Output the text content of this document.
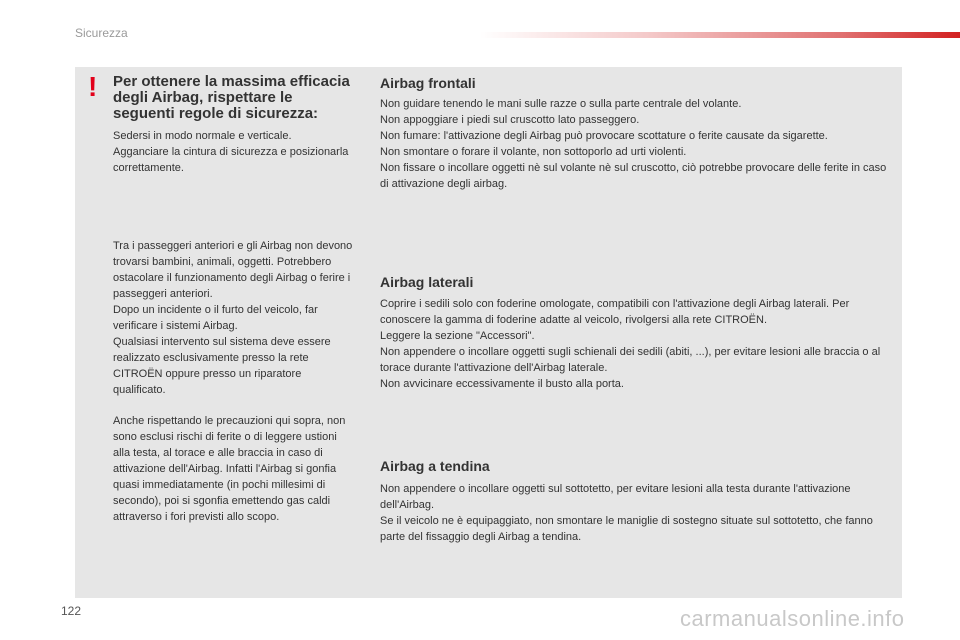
Sicurezza
! Per ottenere la massima efficacia degli Airbag, rispettare le seguenti regole di sicurezza:

Sedersi in modo normale e verticale.
Agganciare la cintura di sicurezza e posizionarla correttamente.

Tra i passeggeri anteriori e gli Airbag non devono trovarsi bambini, animali, oggetti. Potrebbero ostacolare il funzionamento degli Airbag o ferire i passeggeri anteriori.
Dopo un incidente o il furto del veicolo, far verificare i sistemi Airbag.
Qualsiasi intervento sul sistema deve essere realizzato esclusivamente presso la rete CITROËN oppure presso un riparatore qualificato.

Anche rispettando le precauzioni qui sopra, non sono esclusi rischi di ferite o di leggere ustioni alla testa, al torace e alle braccia in caso di attivazione dell'Airbag. Infatti l'Airbag si gonfia quasi immediatamente (in pochi millesimi di secondo), poi si sgonfia emettendo gas caldi attraverso i fori previsti allo scopo.

Airbag frontali

Non guidare tenendo le mani sulle razze o sulla parte centrale del volante.
Non appoggiare i piedi sul cruscotto lato passeggero.
Non fumare: l'attivazione degli Airbag può provocare scottature o ferite causate da sigarette.
Non smontare o forare il volante, non sottoporlo ad urti violenti.
Non fissare o incollare oggetti nè sul volante nè sul cruscotto, ciò potrebbe provocare delle ferite in caso di attivazione degli airbag.

Airbag laterali

Coprire i sedili solo con foderine omologate, compatibili con l'attivazione degli Airbag laterali. Per conoscere la gamma di foderine adatte al veicolo, rivolgersi alla rete CITROËN.
Leggere la sezione "Accessori".
Non appendere o incollare oggetti sugli schienali dei sedili (abiti, ...), per evitare lesioni alle braccia o al torace durante l'attivazione dell'Airbag laterale.
Non avvicinare eccessivamente il busto alla porta.

Airbag a tendina

Non appendere o incollare oggetti sul sottotetto, per evitare lesioni alla testa durante l'attivazione dell'Airbag.
Se il veicolo ne è equipaggiato, non smontare le maniglie di sostegno situate sul sottotetto, che fanno parte del fissaggio degli Airbag a tendina.

122	carmanualsonline.info
